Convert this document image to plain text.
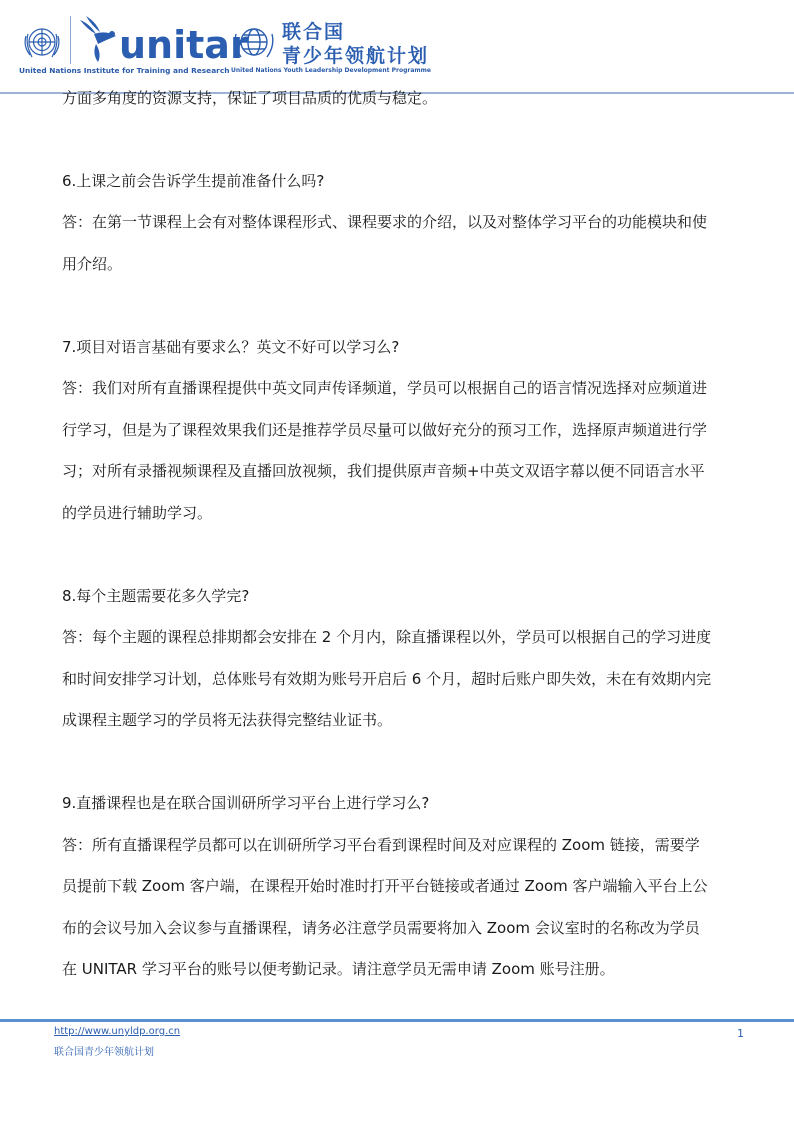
United Nations Institute for Training and Research
unitar 联合国
青少年领航计划
United Nations Youth Leadership Development Programme
方面多角度的资源支持，保证了项目品质的优质与稳定。
6.上课之前会告诉学生提前准备什么吗?
答：在第一节课程上会有对整体课程形式、课程要求的介绍，以及对整体学习平台的功能模块和使
用介绍。
7.项目对语言基础有要求么？英文不好可以学习么?
答：我们对所有直播课程提供中英文同声传译频道，学员可以根据自己的语言情况选择对应频道进
行学习，但是为了课程效果我们还是推荐学员尽量可以做好充分的预习工作，选择原声频道进行学
习；对所有录播视频课程及直播回放视频，我们提供原声音频+中英文双语字幕以便不同语言水平
的学员进行辅助学习。
8.每个主题需要花多久学完?
答：每个主题的课程总排期都会安排在 2 个月内，除直播课程以外，学员可以根据自己的学习进度
和时间安排学习计划，总体账号有效期为账号开启后 6 个月，超时后账户即失效，未在有效期内完
成课程主题学习的学员将无法获得完整结业证书。
9.直播课程也是在联合国训研所学习平台上进行学习么?
答：所有直播课程学员都可以在训研所学习平台看到课程时间及对应课程的 Zoom 链接，需要学
员提前下载 Zoom 客户端，在课程开始时准时打开平台链接或者通过 Zoom 客户端输入平台上公
布的会议号加入会议参与直播课程，请务必注意学员需要将加入 Zoom 会议室时的名称改为学员
在 UNITAR 学习平台的账号以便考勤记录。请注意学员无需申请 Zoom 账号注册。
http://www.unyldp.org.cn
联合国青少年领航计划
1
